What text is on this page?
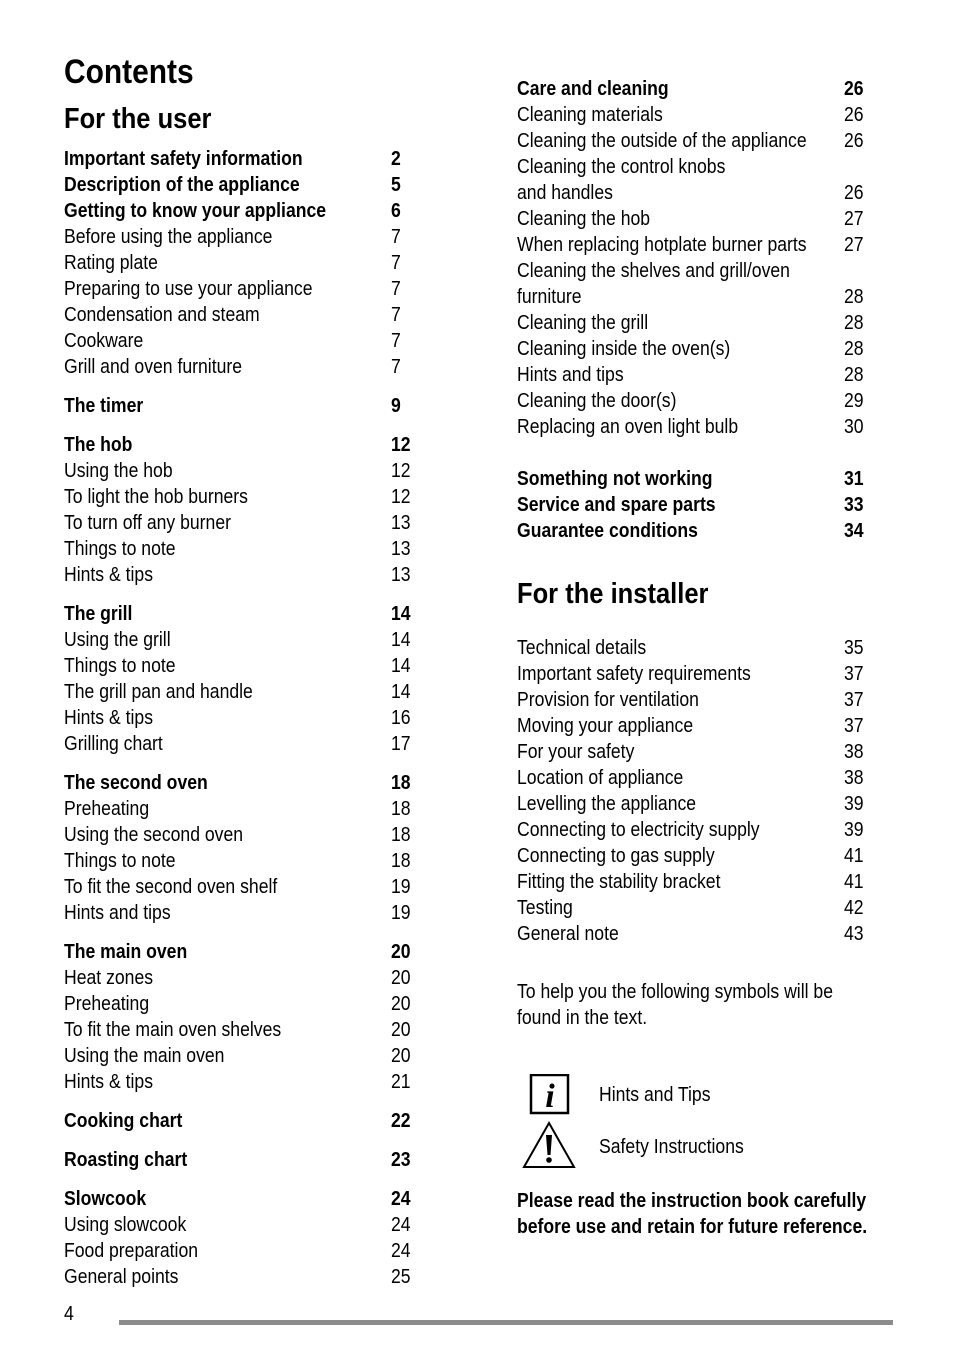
Contents
For the user
Important safety information	2
Description of the appliance	5
Getting to know your appliance	6
Before using the appliance	7
Rating plate	7
Preparing to use your appliance	7
Condensation and steam	7
Cookware	7
Grill and oven furniture	7
The timer	9
The hob	12
Using the hob	12
To light the hob burners	12
To turn off any burner	13
Things to note	13
Hints & tips	13
The grill	14
Using the grill	14
Things to note	14
The grill pan and handle	14
Hints & tips	16
Grilling chart	17
The second oven	18
Preheating	18
Using the second oven	18
Things to note	18
To fit the second oven shelf	19
Hints and tips	19
The main oven	20
Heat zones	20
Preheating	20
To fit the main oven shelves	20
Using the main oven	20
Hints & tips	21
Cooking chart	22
Roasting chart	23
Slowcook	24
Using slowcook	24
Food preparation	24
General points	25
Care and cleaning	26
Cleaning materials	26
Cleaning the outside of the appliance 26
Cleaning the control knobs
and handles	26
Cleaning the hob	27
When replacing hotplate burner parts 27
Cleaning the shelves and grill/oven
furniture	28
Cleaning the grill	28
Cleaning inside the oven(s)	28
Hints and tips	28
Cleaning the door(s)	29
Replacing an oven light bulb	30
Something not working	31
Service and spare parts	33
Guarantee conditions	34
For the installer
Technical details	35
Important safety requirements	37
Provision for ventilation	37
Moving your appliance	37
For your safety	38
Location of appliance	38
Levelling the appliance	39
Connecting to electricity supply	39
Connecting to gas supply	41
Fitting the stability bracket	41
Testing	42
General note	43
To help you the following symbols will be
found in the text.
i Hints and Tips
Safety Instructions
Please read the instruction book carefully
before use and retain for future reference.
4
